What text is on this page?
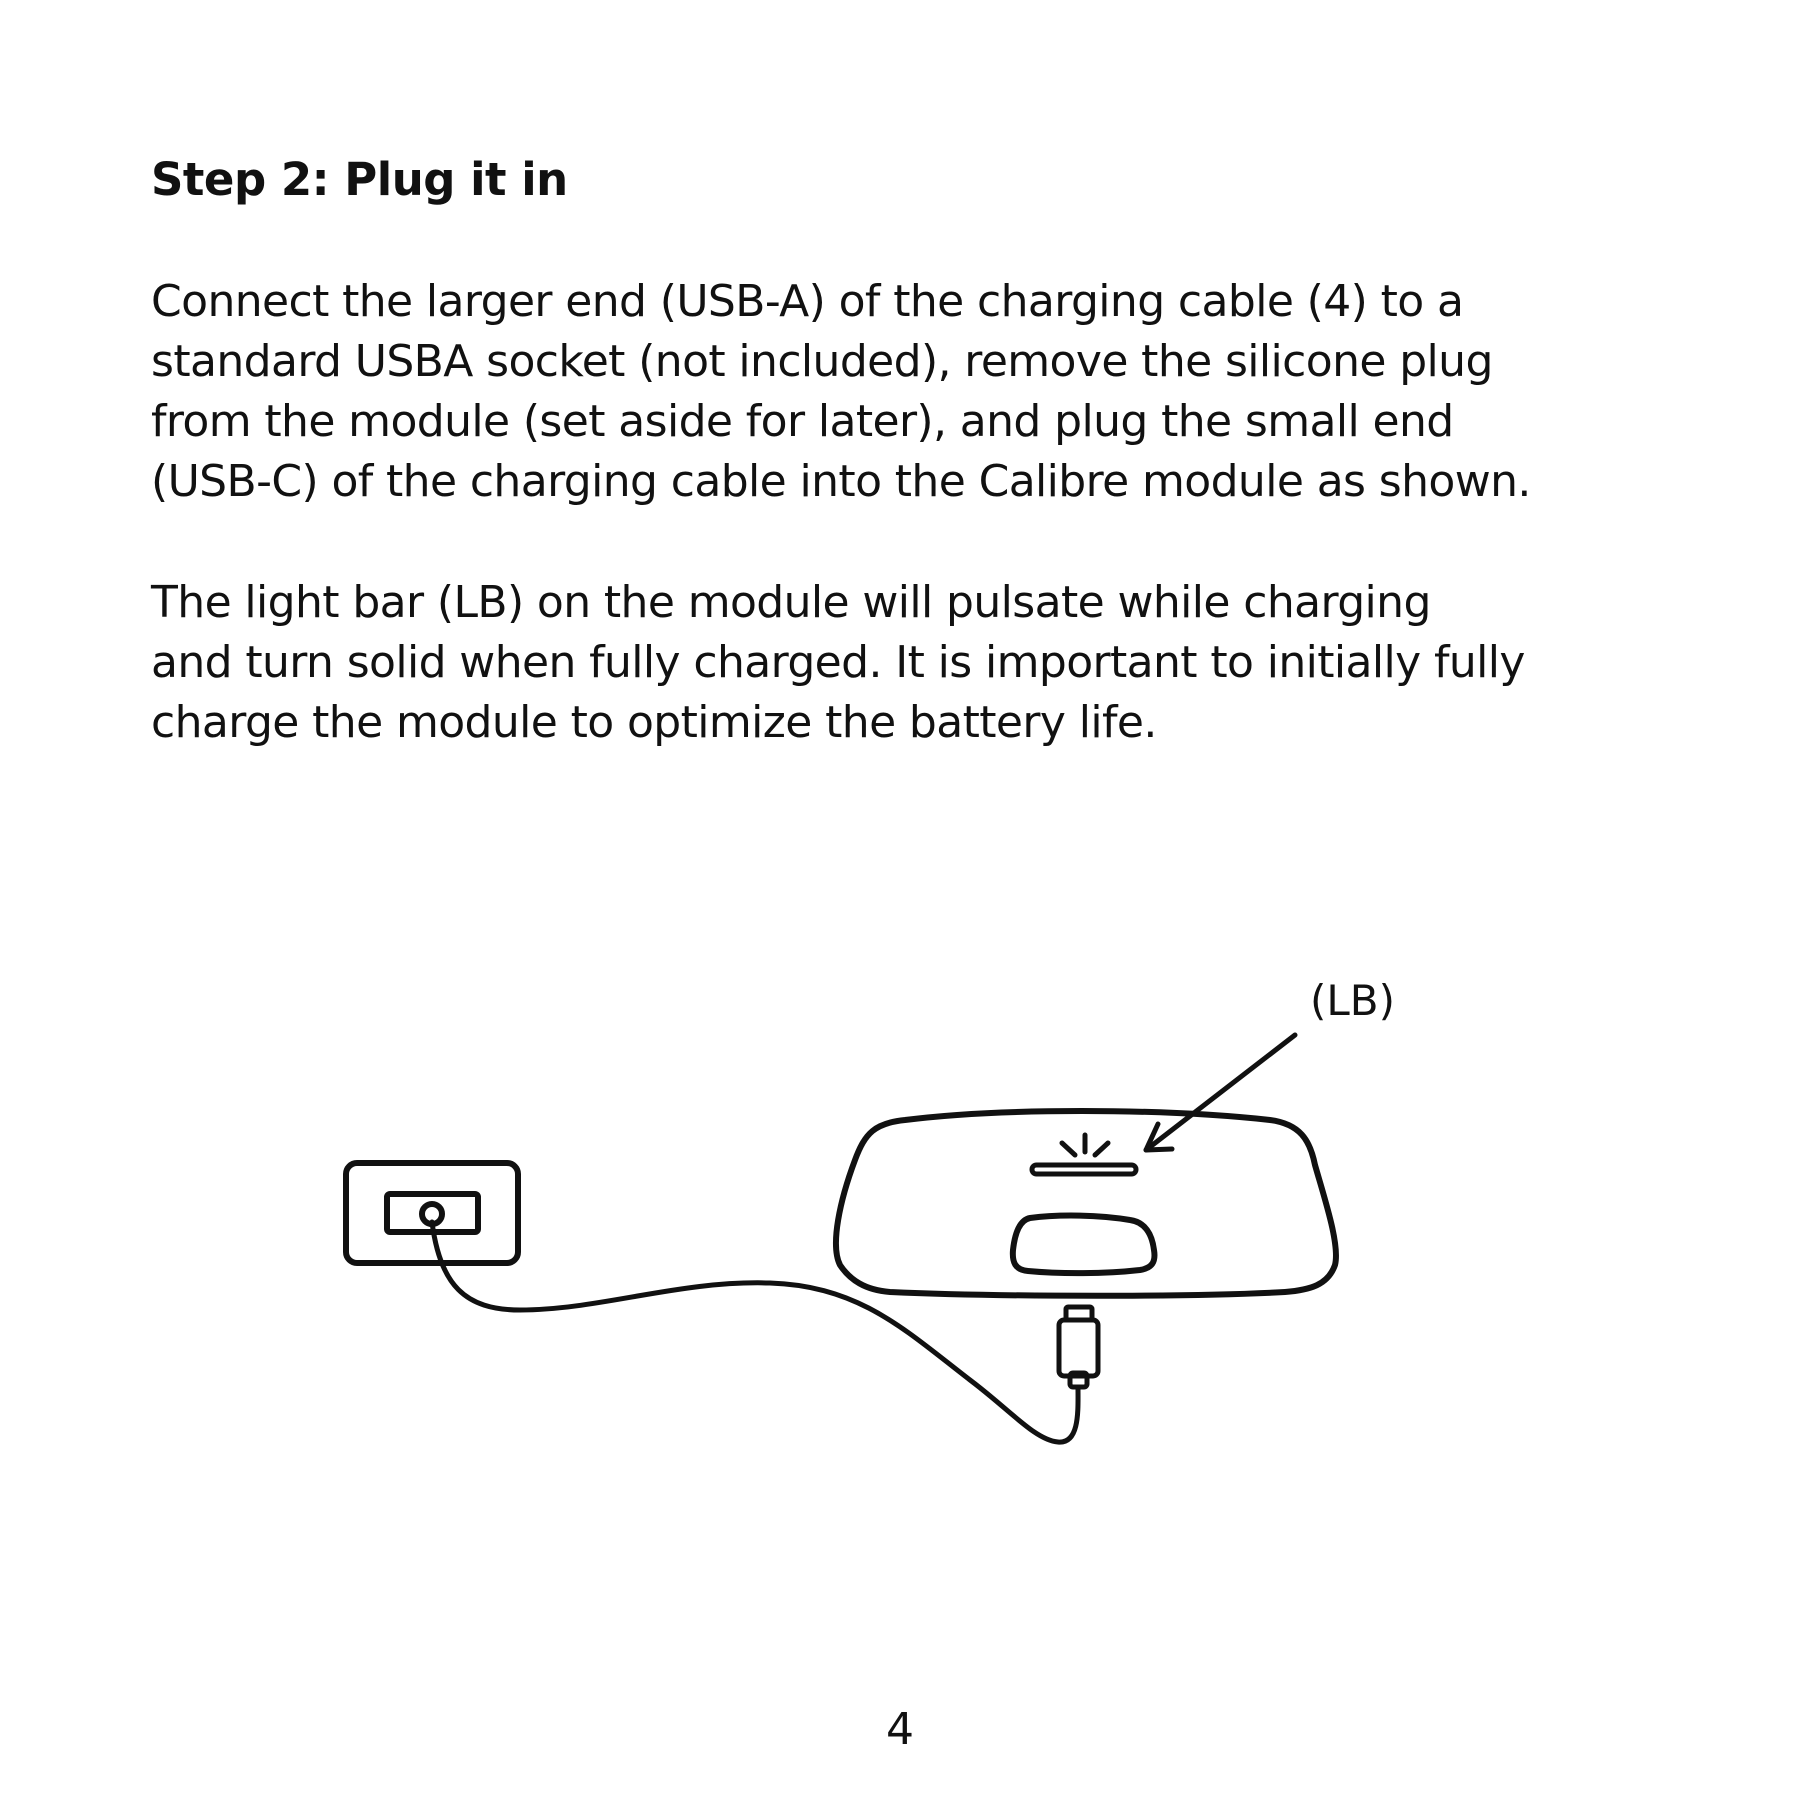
Step 2: Plug it in

Connect the larger end (USB-A) of the charging cable (4) to a
standard USBA socket (not included), remove the silicone plug
from the module (set aside for later), and plug the small end
(USB-C) of the charging cable into the Calibre module as shown.

The light bar (LB) on the module will pulsate while charging
and turn solid when fully charged. It is important to initially fully
charge the module to optimize the battery life.

(LB)
4
